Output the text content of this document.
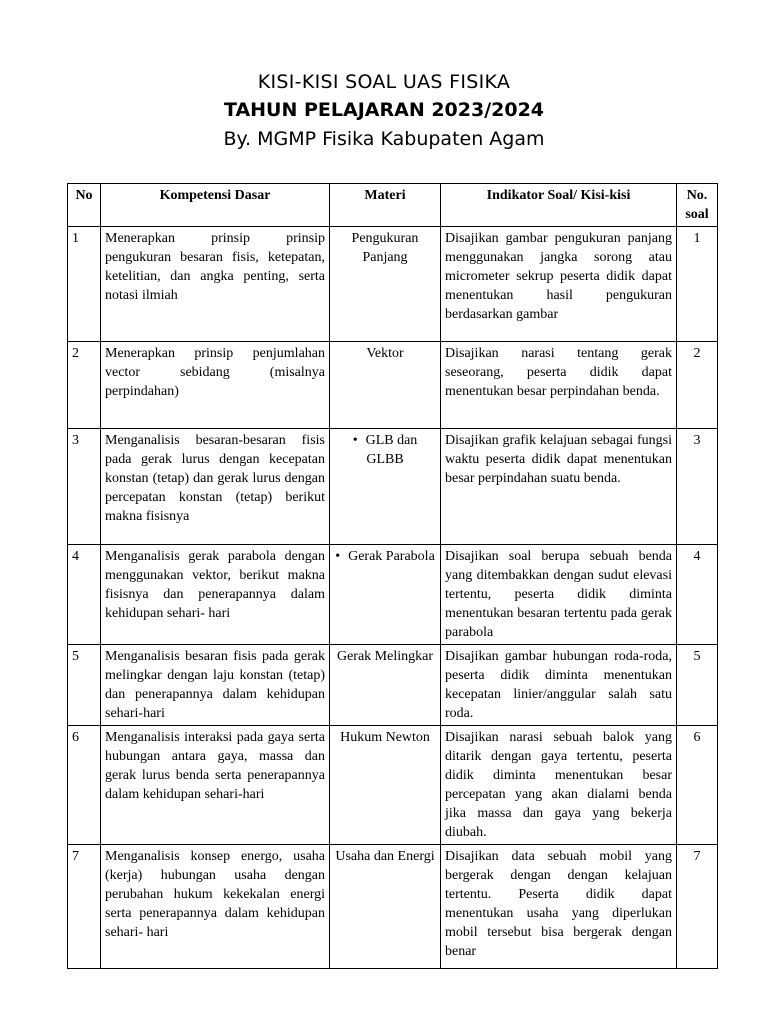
KISI-KISI SOAL UAS FISIKA
TAHUN PELAJARAN 2023/2024
By. MGMP Fisika Kabupaten Agam
No	Kompetensi Dasar	Materi	Indikator Soal/ Kisi-kisi	No.
soal
1	Menerapkan prinsip prinsip pengukuran besaran fisis, ketepatan, ketelitian, dan angka penting, serta notasi ilmiah	Pengukuran Panjang	Disajikan gambar pengukuran panjang menggunakan jangka sorong atau micrometer sekrup peserta didik dapat menentukan hasil pengukuran berdasarkan gambar	1
2	Menerapkan prinsip penjumlahan vector sebidang (misalnya perpindahan)	Vektor	Disajikan narasi tentang gerak seseorang, peserta didik dapat menentukan besar perpindahan benda.	2
3	Menganalisis besaran-besaran fisis pada gerak lurus dengan kecepatan konstan (tetap) dan gerak lurus dengan percepatan konstan (tetap) berikut makna fisisnya	• GLB dan GLBB	Disajikan grafik kelajuan sebagai fungsi waktu peserta didik dapat menentukan besar perpindahan suatu benda.	3
4	Menganalisis gerak parabola dengan menggunakan vektor, berikut makna fisisnya dan penerapannya dalam kehidupan sehari- hari	• Gerak Parabola	Disajikan soal berupa sebuah benda yang ditembakkan dengan sudut elevasi tertentu, peserta didik diminta menentukan besaran tertentu pada gerak parabola	4
5	Menganalisis besaran fisis pada gerak melingkar dengan laju konstan (tetap) dan penerapannya dalam kehidupan sehari-hari	Gerak Melingkar	Disajikan gambar hubungan roda-roda, peserta didik diminta menentukan kecepatan linier/anggular salah satu roda.	5
6	Menganalisis interaksi pada gaya serta hubungan antara gaya, massa dan gerak lurus benda serta penerapannya dalam kehidupan sehari-hari	Hukum Newton	Disajikan narasi sebuah balok yang ditarik dengan gaya tertentu, peserta didik diminta menentukan besar percepatan yang akan dialami benda jika massa dan gaya yang bekerja diubah.	6
7	Menganalisis konsep energo, usaha (kerja) hubungan usaha dengan perubahan hukum kekekalan energi serta penerapannya dalam kehidupan sehari- hari	Usaha dan Energi	Disajikan data sebuah mobil yang bergerak dengan dengan kelajuan tertentu. Peserta didik dapat menentukan usaha yang diperlukan mobil tersebut bisa bergerak dengan benar	7
